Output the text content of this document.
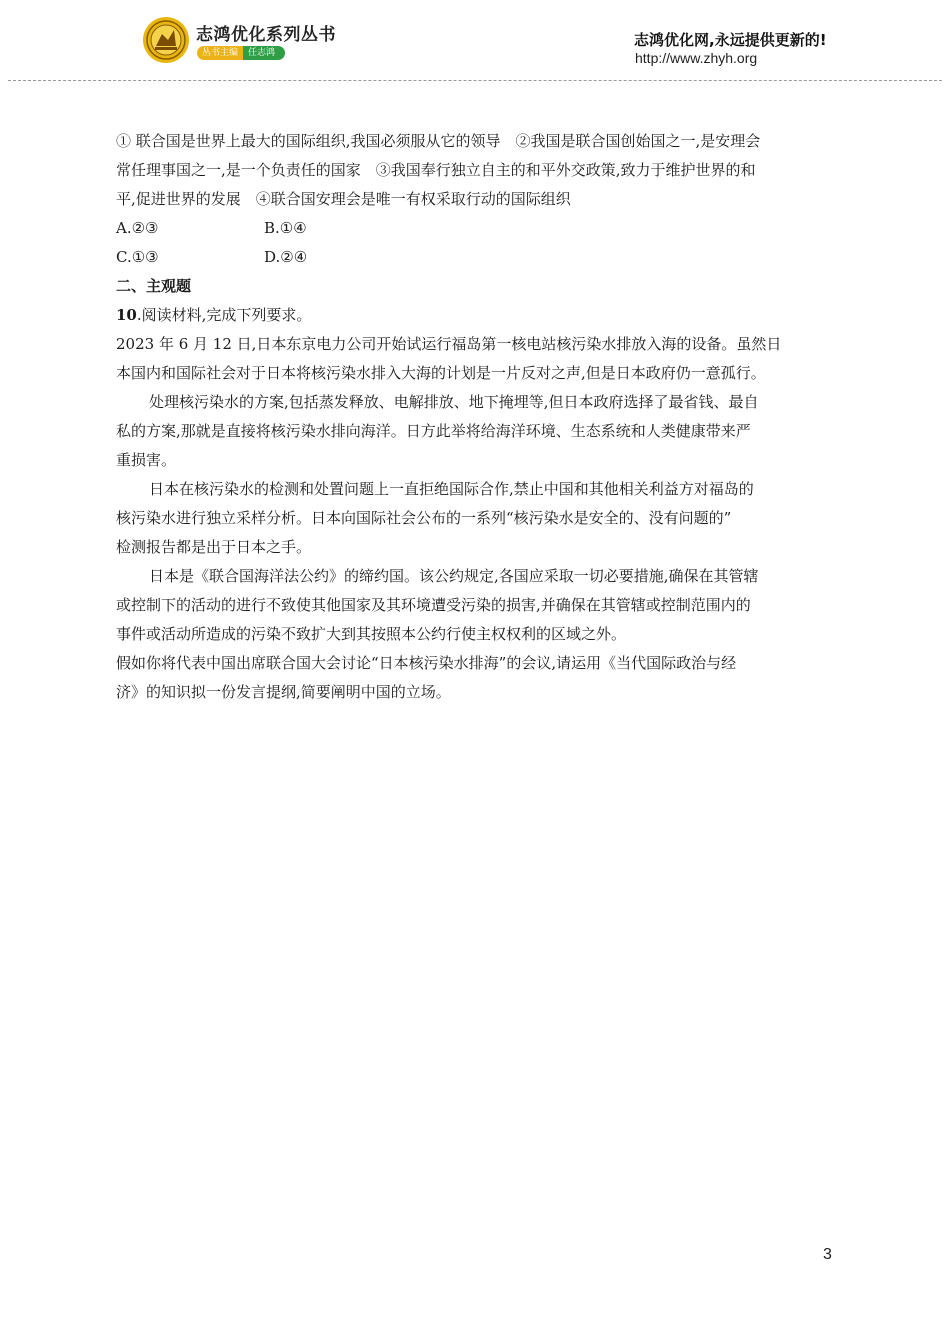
志鸿优化系列丛书
丛书主编	任志鸿
志鸿优化网,永远提供更新的!
http://www.zhyh.org
① 联合国是世界上最大的国际组织,我国必须服从它的领导　②我国是联合国创始国之一,是安理会
常任理事国之一,是一个负责任的国家　③我国奉行独立自主的和平外交政策,致力于维护世界的和
平,促进世界的发展　④联合国安理会是唯一有权采取行动的国际组织
A.②③	B.①④
C.①③	D.②④
二、主观题
10.阅读材料,完成下列要求。
2023 年 6 月 12 日,日本东京电力公司开始试运行福岛第一核电站核污染水排放入海的设备。虽然日
本国内和国际社会对于日本将核污染水排入大海的计划是一片反对之声,但是日本政府仍一意孤行。
处理核污染水的方案,包括蒸发释放、电解排放、地下掩埋等,但日本政府选择了最省钱、最自
私的方案,那就是直接将核污染水排向海洋。日方此举将给海洋环境、生态系统和人类健康带来严
重损害。
日本在核污染水的检测和处置问题上一直拒绝国际合作,禁止中国和其他相关利益方对福岛的
核污染水进行独立采样分析。日本向国际社会公布的一系列“核污染水是安全的、没有问题的”
检测报告都是出于日本之手。
日本是《联合国海洋法公约》的缔约国。该公约规定,各国应采取一切必要措施,确保在其管辖
或控制下的活动的进行不致使其他国家及其环境遭受污染的损害,并确保在其管辖或控制范围内的
事件或活动所造成的污染不致扩大到其按照本公约行使主权权利的区域之外。
假如你将代表中国出席联合国大会讨论“日本核污染水排海”的会议,请运用《当代国际政治与经
济》的知识拟一份发言提纲,简要阐明中国的立场。
3
